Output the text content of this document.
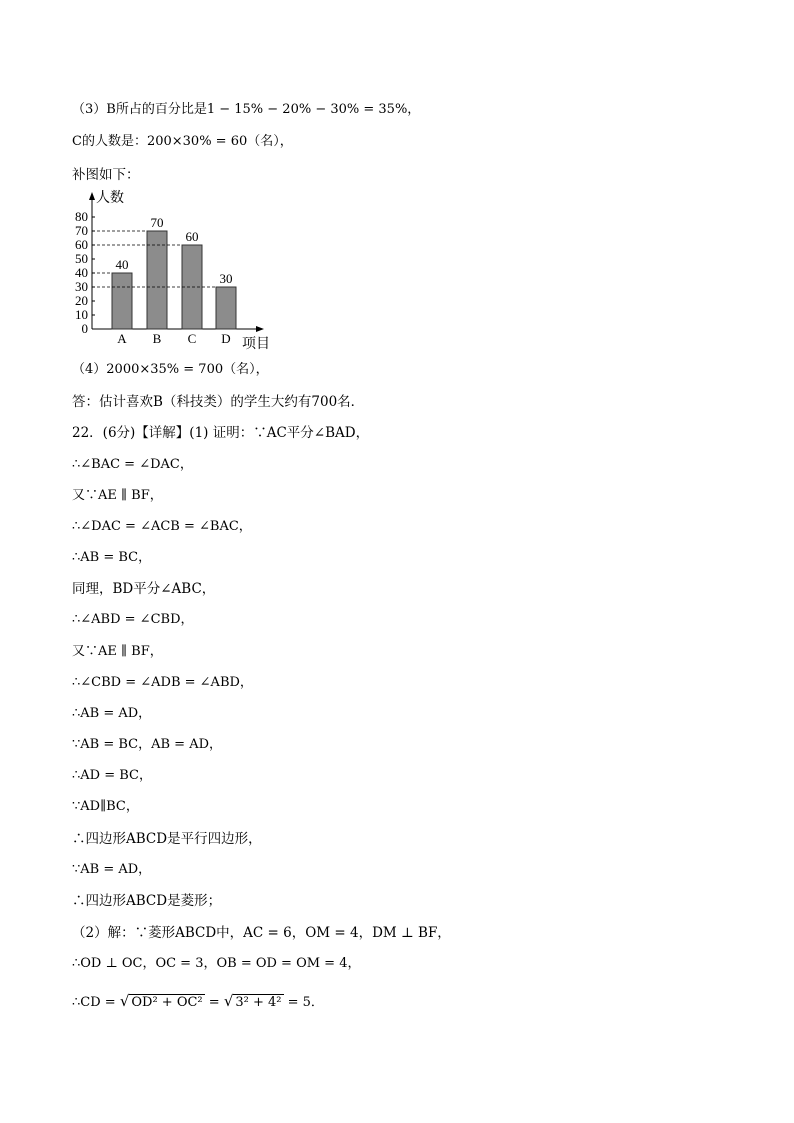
（3）B所占的百分比是1 − 15% − 20% − 30% = 35%，
C的人数是：200×30% = 60（名），
补图如下：
0
10
20
30
40
50
60
70
80
人数
项目
40
A
70
B
60
C
30
D
（4）2000×35% = 700（名），
答：估计喜欢B（科技类）的学生大约有700名．
22．(6分)【详解】(1) 证明：∵AC平分∠BAD，
∴∠BAC = ∠DAC，
又∵AE ∥ BF，
∴∠DAC = ∠ACB = ∠BAC，
∴AB = BC，
同理，BD平分∠ABC，
∴∠ABD = ∠CBD，
又∵AE ∥ BF，
∴∠CBD = ∠ADB = ∠ABD，
∴AB = AD，
∵AB = BC，AB = AD，
∴AD = BC，
∵AD∥BC，
∴四边形ABCD是平行四边形，
∵AB = AD，
∴四边形ABCD是菱形；
（2）解：∵菱形ABCD中，AC = 6，OM = 4，DM ⊥ BF，
∴OD ⊥ OC，OC = 3，OB = OD = OM = 4，
∴CD = √ OD² + OC² = √ 3² + 4² = 5．
